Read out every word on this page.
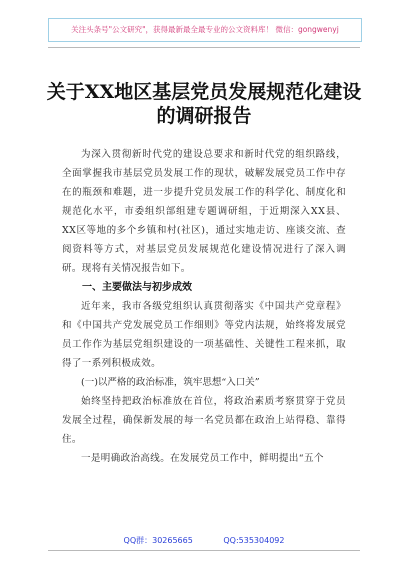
关注头条号"公文研究"，获得最新最全最专业的公文资料库！ 微信：gongwenyj
关于XX地区基层党员发展规范化建设
的调研报告

为深入贯彻新时代党的建设总要求和新时代党的组织路线，全面掌握我市基层党员发展工作的现状，破解发展党员工作中存在的瓶颈和难题，进一步提升党员发展工作的科学化、制度化和规范化水平，市委组织部组建专题调研组，于近期深入XX县、XX区等地的多个乡镇和村(社区)，通过实地走访、座谈交流、查阅资料等方式，对基层党员发展规范化建设情况进行了深入调研。现将有关情况报告如下。

一、主要做法与初步成效

近年来，我市各级党组织认真贯彻落实《中国共产党章程》和《中国共产党发展党员工作细则》等党内法规，始终将发展党员工作作为基层党组织建设的一项基础性、关键性工程来抓，取得了一系列积极成效。

(一)以严格的政治标准，筑牢思想“入口关”

始终坚持把政治标准放在首位，将政治素质考察贯穿于党员发展全过程，确保新发展的每一名党员都在政治上站得稳、靠得住。

一是明确政治高线。在发展党员工作中，鲜明提出“五个

QQ群：30265665	QQ:535304092
